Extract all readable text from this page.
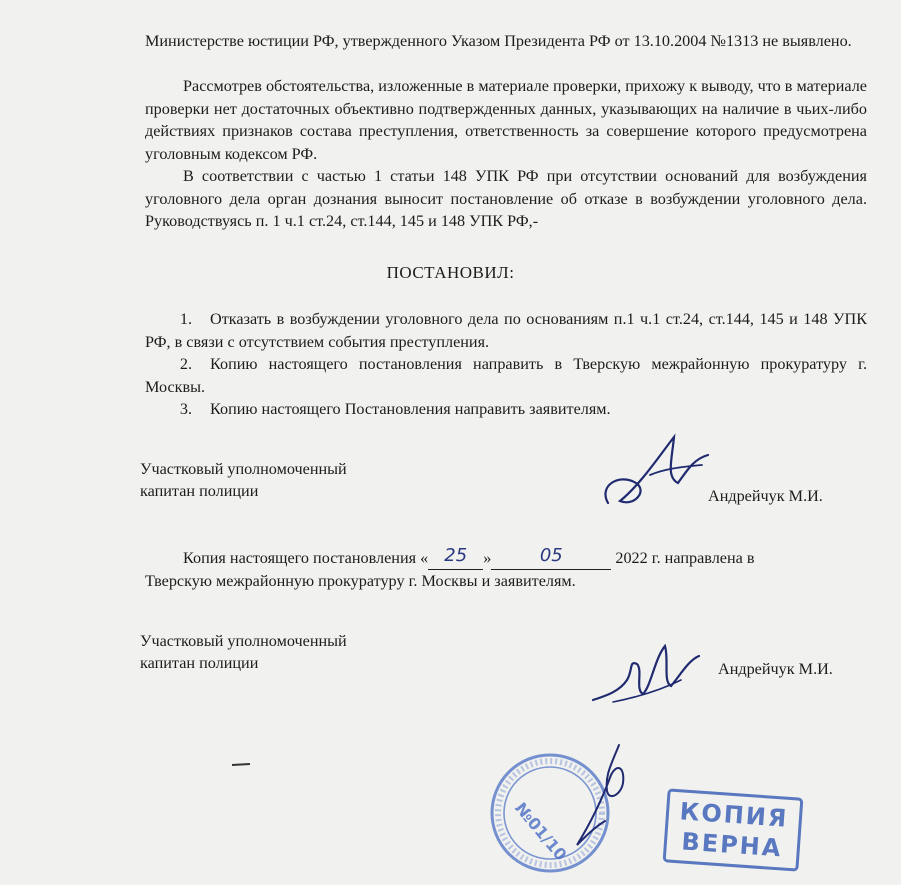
Министерстве юстиции РФ, утвержденного Указом Президента РФ от 13.10.2004 №1313 не выявлено.
Рассмотрев обстоятельства, изложенные в материале проверки, прихожу к выводу, что в материале проверки нет достаточных объективно подтвержденных данных, указывающих на наличие в чьих-либо действиях признаков состава преступления, ответственность за совершение которого предусмотрена уголовным кодексом РФ.
В соответствии с частью 1 статьи 148 УПК РФ при отсутствии оснований для возбуждения уголовного дела орган дознания выносит постановление об отказе в возбуждении уголовного дела. Руководствуясь п. 1 ч.1 ст.24, ст.144, 145 и 148 УПК РФ,-
ПОСТАНОВИЛ:
1. Отказать в возбуждении уголовного дела по основаниям п.1 ч.1 ст.24, ст.144, 145 и 148 УПК РФ, в связи с отсутствием события преступления.
2. Копию настоящего постановления направить в Тверскую межрайонную прокуратуру г. Москвы.
3. Копию настоящего Постановления направить заявителям.
Участковый уполномоченный
капитан полиции	Андрейчук М.И.
Копия настоящего постановления « 25 »	05	2022 г. направлена в
Тверскую межрайонную прокуратуру г. Москвы и заявителям.
Участковый уполномоченный
капитан полиции	Андрейчук М.И.
№01/10	КОПИЯ
ВЕРНА
